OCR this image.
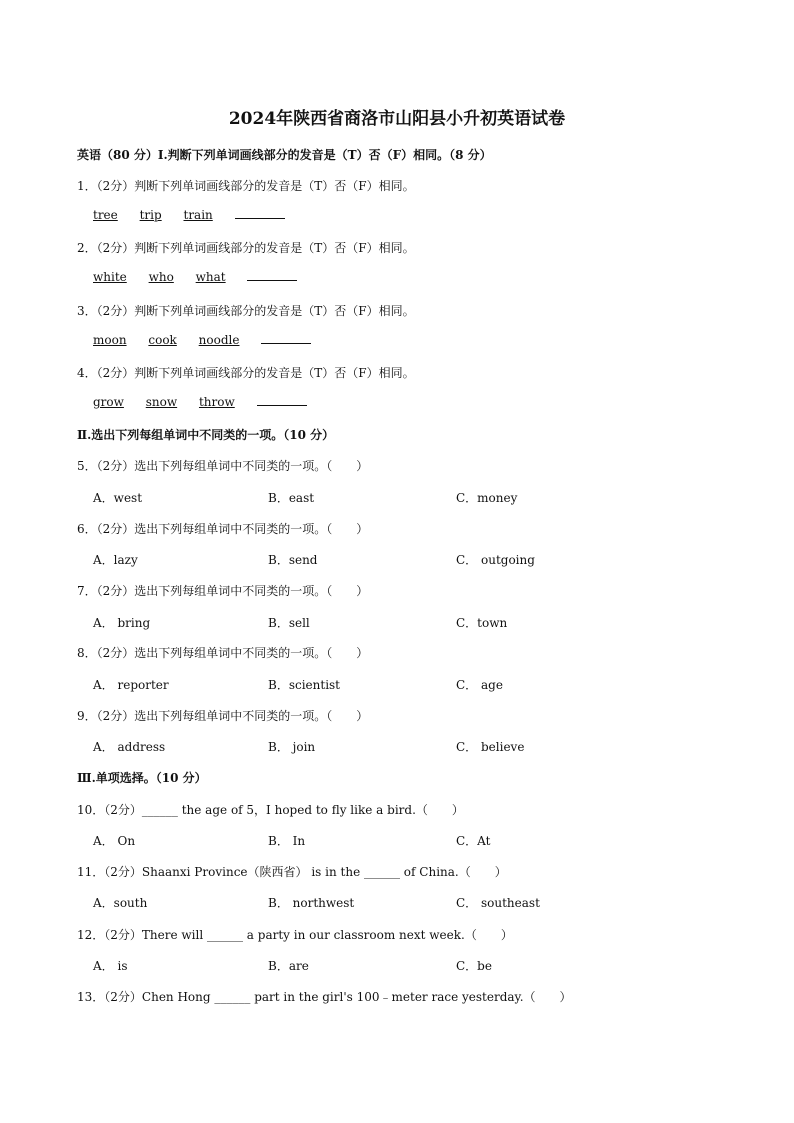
2024年陕西省商洛市山阳县小升初英语试卷
英语（80 分）Ⅰ.判断下列单词画线部分的发音是（T）否（F）相同。（8 分）
1．（2分）判断下列单词画线部分的发音是（T）否（F）相同。
tree trip train
2．（2分）判断下列单词画线部分的发音是（T）否（F）相同。
white who what
3．（2分）判断下列单词画线部分的发音是（T）否（F）相同。
moon cook noodle
4．（2分）判断下列单词画线部分的发音是（T）否（F）相同。
grow snow throw
Ⅱ.选出下列每组单词中不同类的一项。（10 分）
5．（2分）选出下列每组单词中不同类的一项。（　　）
A．west	B．east	C．money
6．（2分）选出下列每组单词中不同类的一项。（　　）
A．lazy	B．send	C． outgoing
7．（2分）选出下列每组单词中不同类的一项。（　　）
A． bring	B．sell	C．town
8．（2分）选出下列每组单词中不同类的一项。（　　）
A． reporter	B．scientist	C． age
9．（2分）选出下列每组单词中不同类的一项。（　　）
A． address	B． join	C． believe
Ⅲ.单项选择。（10 分）
10．（2分）______ the age of 5，I hoped to fly like a bird.（　　）
A． On	B． In	C．At
11．（2分）Shaanxi Province（陕西省） is in the ______ of China.（　　）
A．south	B． northwest	C． southeast
12．（2分）There will ______ a party in our classroom next week.（　　）
A． is	B．are	C．be
13．（2分）Chen Hong ______ part in the girl's 100﹣meter race yesterday.（　　）
